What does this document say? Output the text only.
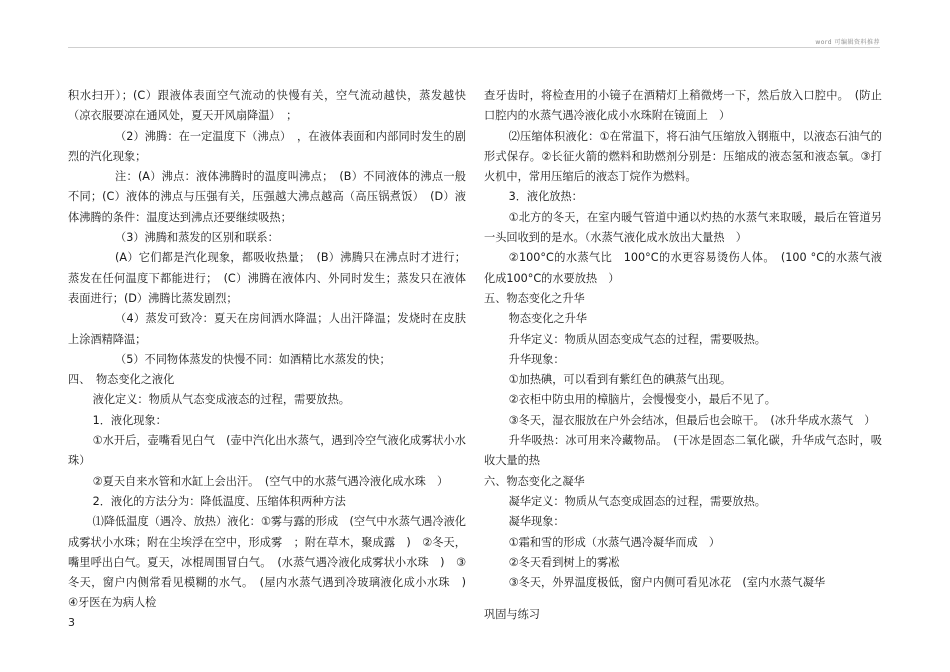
word 可编辑资料推荐

积水扫开）；(C）跟液体表面空气流动的快慢有关，空气流动越快，蒸发越快（凉衣服要凉在通风处，夏天开风扇降温）　；

（2）沸腾：在一定温度下（沸点）　，在液体表面和内部同时发生的剧烈的汽化现象；

注：(A）沸点：液体沸腾时的温度叫沸点；　(B）不同液体的沸点一般不同；(C）液体的沸点与压强有关，压强越大沸点越高（高压锅煮饭）　(D）液体沸腾的条件：温度达到沸点还要继续吸热；

（3）沸腾和蒸发的区别和联系：

(A）它们都是汽化现象，都吸收热量；　(B）沸腾只在沸点时才进行；蒸发在任何温度下都能进行；　(C）沸腾在液体内、外同时发生；蒸发只在液体表面进行；(D）沸腾比蒸发剧烈；

（4）蒸发可致冷：夏天在房间洒水降温；人出汗降温；发烧时在皮肤上涂酒精降温；

（5）不同物体蒸发的快慢不同：如酒精比水蒸发的快；

四、　物态变化之液化

液化定义：物质从气态变成液态的过程，需要放热。

1．液化现象：

①水开后，壶嘴看见白气　(壶中汽化出水蒸气，遇到冷空气液化成雾状小水珠）

②夏天自来水管和水缸上会出汗。　(空气中的水蒸气遇冷液化成水珠　）

2．液化的方法分为：降低温度、压缩体积两种方法

⑴降低温度（遇冷、放热）液化：①雾与露的形成　(空气中水蒸气遇冷液化成雾状小水珠；附在尘埃浮在空中，形成雾　；附在草木，聚成露　)　②冬天，嘴里呼出白气。夏天，冰棍周围冒白气。　(水蒸气遇冷液化成雾状小水珠　)　③冬天，窗户内侧常看见模糊的水气。　(屋内水蒸气遇到冷玻璃液化成小水珠　)　④牙医在为病人检

查牙齿时，将检查用的小镜子在酒精灯上稍微烤一下，然后放入口腔中。　(防止口腔内的水蒸气遇冷液化成小水珠附在镜面上　）

⑵压缩体积液化：①在常温下，将石油气压缩放入钢瓶中，以液态石油气的形式保存。②长征火箭的燃料和助燃剂分别是：压缩成的液态氢和液态氧。③打火机中，常用压缩后的液态丁烷作为燃料。

3．液化放热：

①北方的冬天，在室内暖气管道中通以灼热的水蒸气来取暖，最后在管道另一头回收到的是水。（水蒸气液化成水放出大量热　）

②100°C的水蒸气比　100°C的水更容易烫伤人体。　(100 °C的水蒸气液化成100°C的水要放热　）

五、物态变化之升华

物态变化之升华

升华定义：物质从固态变成气态的过程，需要吸热。

升华现象：

①加热碘，可以看到有紫红色的碘蒸气出现。

②衣柜中防虫用的樟脑片，会慢慢变小，最后不见了。

③冬天，湿衣服放在户外会结冰，但最后也会晾干。　(冰升华成水蒸气　）

升华吸热：冰可用来冷藏物品。　(干冰是固态二氧化碳，升华成气态时，吸收大量的热

六、物态变化之凝华

凝华定义：物质从气态变成固态的过程，需要放热。

凝华现象：

①霜和雪的形成（水蒸气遇冷凝华而成　）

②冬天看到树上的雾凇

③冬天，外界温度极低，窗户内侧可看见冰花　(室内水蒸气凝华

巩固与练习

3
